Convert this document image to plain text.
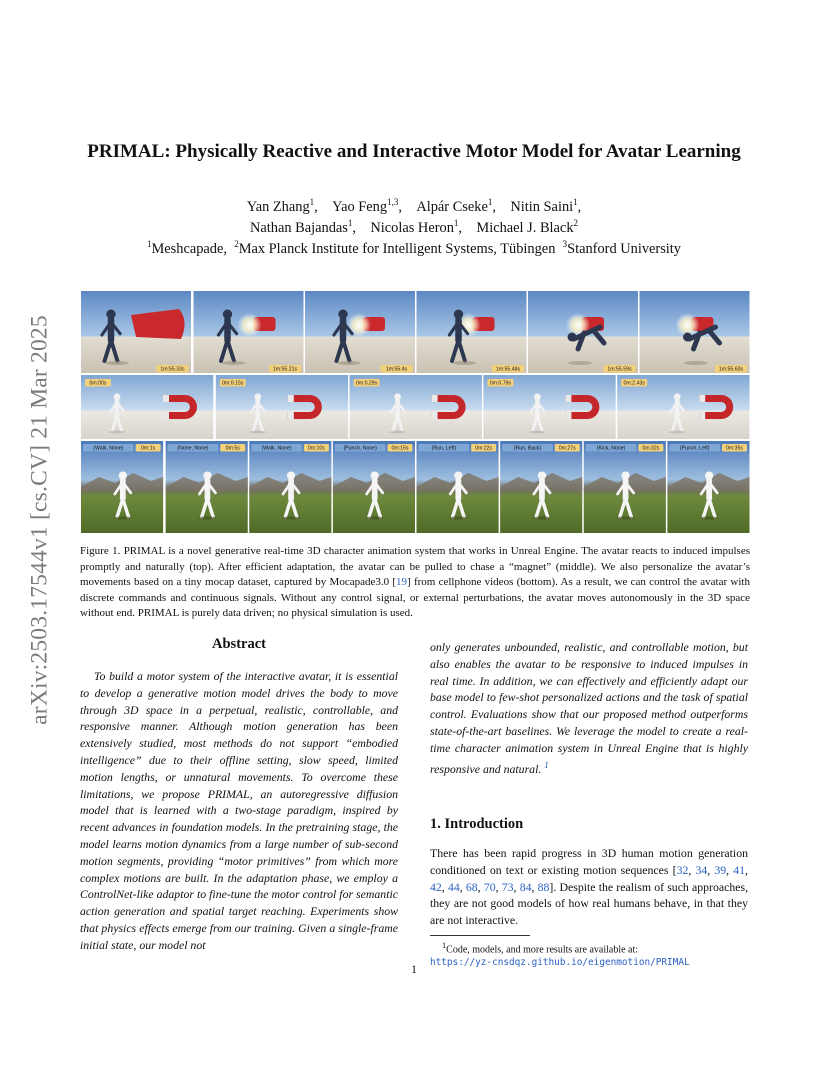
arXiv:2503.17544v1 [cs.CV] 21 Mar 2025
PRIMAL: Physically Reactive and Interactive Motor Model for Avatar Learning
Yan Zhang$^1$, Yao Feng$^{1,3}$, Alpár Cseke$^1$, Nitin Saini$^1$,
Nathan Bajandas$^1$, Nicolas Heron$^1$, Michael J. Black$^2$
$^1$Meshcapade,  $^2$Max Planck Institute for Intelligent Systems, Tübingen  $^3$Stanford University
1m:55.33s	1m:55.21s	1m:55.4s	1m:55.48s	1m:55.59s	1m:55.60s
0m:00s	0m:0.15s	0m:0.29s	0m:0.79s	0m:2.43s
(Walk, None)	0m:1s	(None, None)	0m:5s	(Walk, None)	0m:10s	(Punch, None)	0m:15s	(Run, Left)	0m:22s	(Run, Back)	0m:27s	(Kick, None)	0m:32s	(Punch, Left)	0m:35s
Figure 1. PRIMAL is a novel generative real-time 3D character animation system that works in Unreal Engine. The avatar reacts to induced impulses promptly and naturally (top). After efficient adaptation, the avatar can be pulled to chase a “magnet” (middle). We also personalize the avatar’s movements based on a tiny mocap dataset, captured by Mocapade3.0 [19] from cellphone videos (bottom). As a result, we can control the avatar with discrete commands and continuous signals. Without any control signal, or external perturbations, the avatar moves autonomously in the 3D space without end. PRIMAL is purely data driven; no physical simulation is used.
Abstract
To build a motor system of the interactive avatar, it is essential to develop a generative motion model drives the body to move through 3D space in a perpetual, realistic, controllable, and responsive manner. Although motion generation has been extensively studied, most methods do not support “embodied intelligence” due to their offline setting, slow speed, limited motion lengths, or unnatural movements. To overcome these limitations, we propose PRIMAL, an autoregressive diffusion model that is learned with a two-stage paradigm, inspired by recent advances in foundation models. In the pretraining stage, the model learns motion dynamics from a large number of sub-second motion segments, providing “motor primitives” from which more complex motions are built. In the adaptation phase, we employ a ControlNet-like adaptor to fine-tune the motor control for semantic action generation and spatial target reaching. Experiments show that physics effects emerge from our training. Given a single-frame initial state, our model not
only generates unbounded, realistic, and controllable motion, but also enables the avatar to be responsive to induced impulses in real time. In addition, we can effectively and efficiently adapt our base model to few-shot personalized actions and the task of spatial control. Evaluations show that our proposed method outperforms state-of-the-art baselines. We leverage the model to create a real-time character animation system in Unreal Engine that is highly responsive and natural. $^1$
1. Introduction
There has been rapid progress in 3D human motion generation conditioned on text or existing motion sequences [32, 34, 39, 41, 42, 44, 68, 70, 73, 84, 88]. Despite the realism of such approaches, they are not good models of how real humans behave, in that they are not interactive.
$^1$Code, models, and more results are available at:
https://yz-cnsdqz.github.io/eigenmotion/PRIMAL
1
